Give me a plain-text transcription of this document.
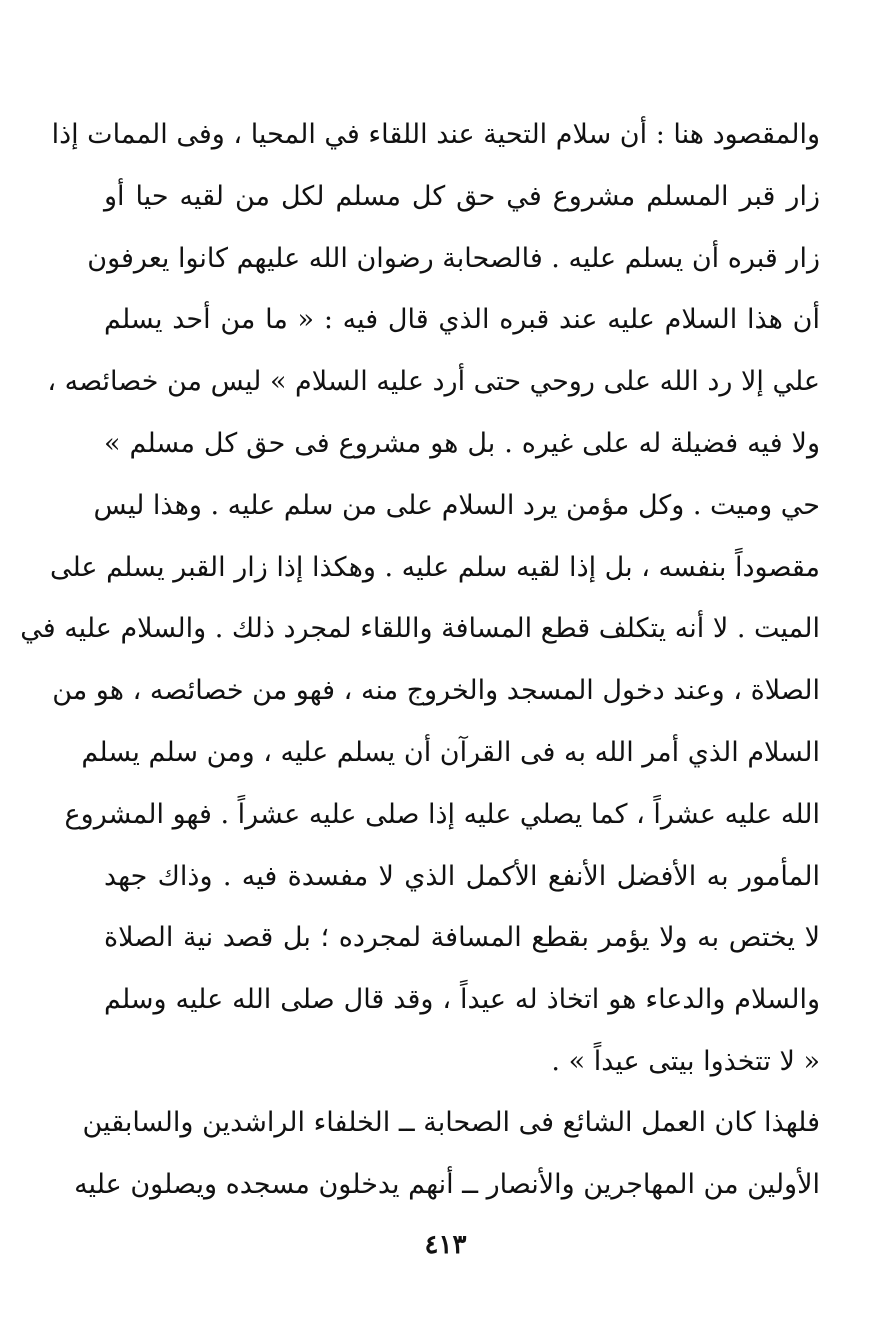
والمقصود هنا : أن سلام التحية عند اللقاء في المحيا ، وفى الممات إذا
زار قبر المسلم مشروع في حق كل مسلم لكل من لقيه حيا أو
زار قبره أن يسلم عليه . فالصحابة رضوان الله عليهم كانوا يعرفون
أن هذا السلام عليه عند قبره الذي قال فيه : « ما من أحد يسلم
علي إلا رد الله على روحي حتى أرد عليه السلام » ليس من خصائصه ،
ولا فيه فضيلة له على غيره . بل هو مشروع فى حق كل مسلم »
حي وميت . وكل مؤمن يرد السلام على من سلم عليه . وهذا ليس
مقصوداً بنفسه ، بل إذا لقيه سلم عليه . وهكذا إذا زار القبر يسلم على
الميت . لا أنه يتكلف قطع المسافة واللقاء لمجرد ذلك . والسلام عليه في
الصلاة ، وعند دخول المسجد والخروج منه ، فهو من خصائصه ، هو من
السلام الذي أمر الله به فى القرآن أن يسلم عليه ، ومن سلم يسلم
الله عليه عشراً ، كما يصلي عليه إذا صلى عليه عشراً . فهو المشروع
المأمور به الأفضل الأنفع الأكمل الذي لا مفسدة فيه . وذاك جهد
لا يختص به ولا يؤمر بقطع المسافة لمجرده ؛ بل قصد نية الصلاة
والسلام والدعاء هو اتخاذ له عيداً ، وقد قال صلى الله عليه وسلم
« لا تتخذوا بيتى عيداً » .
فلهذا كان العمل الشائع فى الصحابة ــ الخلفاء الراشدين والسابقين
الأولين من المهاجرين والأنصار ــ أنهم يدخلون مسجده ويصلون عليه
٤١٣
